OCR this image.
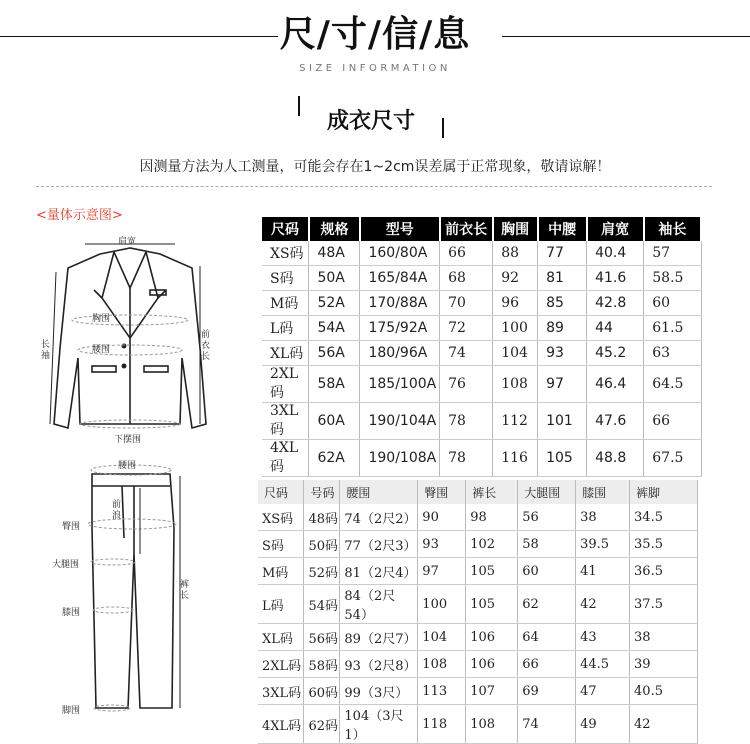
尺/寸/信/息
SIZE INFORMATION
成衣尺寸
因测量方法为人工测量，可能会存在1~2cm误差属于正常现象，敬请谅解！
<量体示意图>
肩宽
胸围
腰围
下摆围
长袖
前衣长
腰围
前浪
臀围
大腿围
膝围
脚围
裤长
尺码	规格	型号	前衣长	胸围	中腰	肩宽	袖长
XS码	48A	160/80A	66	88	77	40.4	57
S码	50A	165/84A	68	92	81	41.6	58.5
M码	52A	170/88A	70	96	85	42.8	60
L码	54A	175/92A	72	100	89	44	61.5
XL码	56A	180/96A	74	104	93	45.2	63
2XL码	58A	185/100A	76	108	97	46.4	64.5
3XL码	60A	190/104A	78	112	101	47.6	66
4XL码	62A	190/108A	78	116	105	48.8	67.5
尺码	号码	腰围	臀围	裤长	大腿围	膝围	裤脚
XS码	48码	74（2尺2）	90	98	56	38	34.5
S码	50码	77（2尺3）	93	102	58	39.5	35.5
M码	52码	81（2尺4）	97	105	60	41	36.5
L码	54码	84（2尺54）	100	105	62	42	37.5
XL码	56码	89（2尺7）	104	106	64	43	38
2XL码	58码	93（2尺8）	108	106	66	44.5	39
3XL码	60码	99（3尺）	113	107	69	47	40.5
4XL码	62码	104（3尺1）	118	108	74	49	42
